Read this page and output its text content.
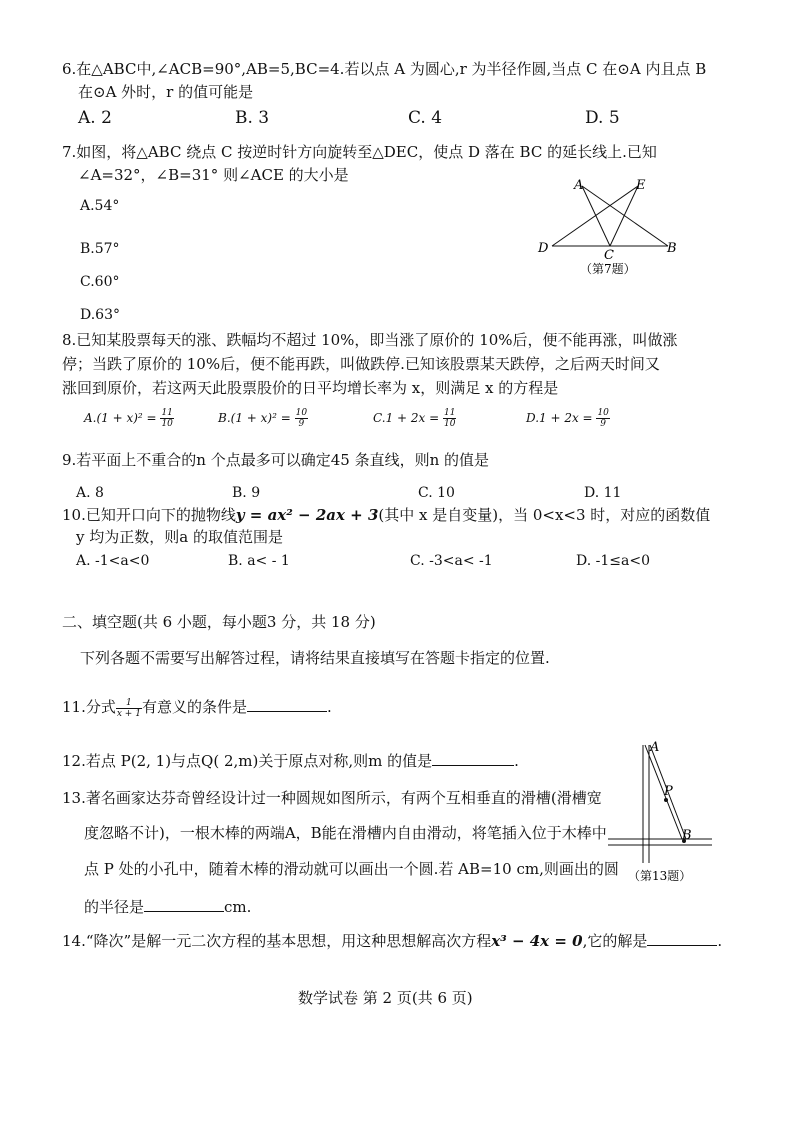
6.在△ABC中,∠ACB=90°,AB=5,BC=4.若以点 A 为圆心,r 为半径作圆,当点 C 在⊙A 内且点 B
在⊙A 外时，r 的值可能是
A. 2	B. 3	C. 4	D. 5
7.如图，将△ABC 绕点 C 按逆时针方向旋转至△DEC，使点 D 落在 BC 的延长线上.已知
∠A=32°，∠B=31° 则∠ACE 的大小是
A.54°
B.57°
C.60°
D.63°
A	E
D	C	B
（第7题）
8.已知某股票每天的涨、跌幅均不超过 10%，即当涨了原价的 10%后，便不能再涨，叫做涨
停；当跌了原价的 10%后，便不能再跌，叫做跌停.已知该股票某天跌停，之后两天时间又
涨回到原价，若这两天此股票股价的日平均增长率为 x，则满足 x 的方程是
$A.(1 + x)^2 = \frac{11}{10}$	$B.(1 + x)^2 = \frac{10}{9}$	$C.1 + 2x = \frac{11}{10}$	$D.1 + 2x = \frac{10}{9}$
9.若平面上不重合的n 个点最多可以确定45 条直线，则n 的值是
A. 8	B. 9	C. 10	D. 11
10.已知开口向下的抛物线y = ax² − 2ax + 3(其中 x 是自变量)，当 0<x<3 时，对应的函数值
y 均为正数，则a 的取值范围是
A. -1<a<0	B. a< - 1	C. -3<a< -1	D. -1≤a<0
二、填空题(共 6 小题，每小题3 分，共 18 分)
下列各题不需要写出解答过程，请将结果直接填写在答题卡指定的位置.
11.分式 $\frac{1}{x + 1}$ 有意义的条件是	.
12.若点 P(2, 1)与点Q( 2,m)关于原点对称,则m 的值是	.
13.著名画家达芬奇曾经设计过一种圆规如图所示，有两个互相垂直的滑槽(滑槽宽
度忽略不计)，一根木棒的两端A，B能在滑槽内自由滑动，将笔插入位于木棒中
点 P 处的小孔中，随着木棒的滑动就可以画出一个圆.若 AB=10 cm,则画出的圆
的半径是	cm.
A
P
B
（第13题）
14.“降次”是解一元二次方程的基本思想，用这种思想解高次方程x³ − 4x = 0,它的解是	.
数学试卷 第 2 页(共 6 页)
